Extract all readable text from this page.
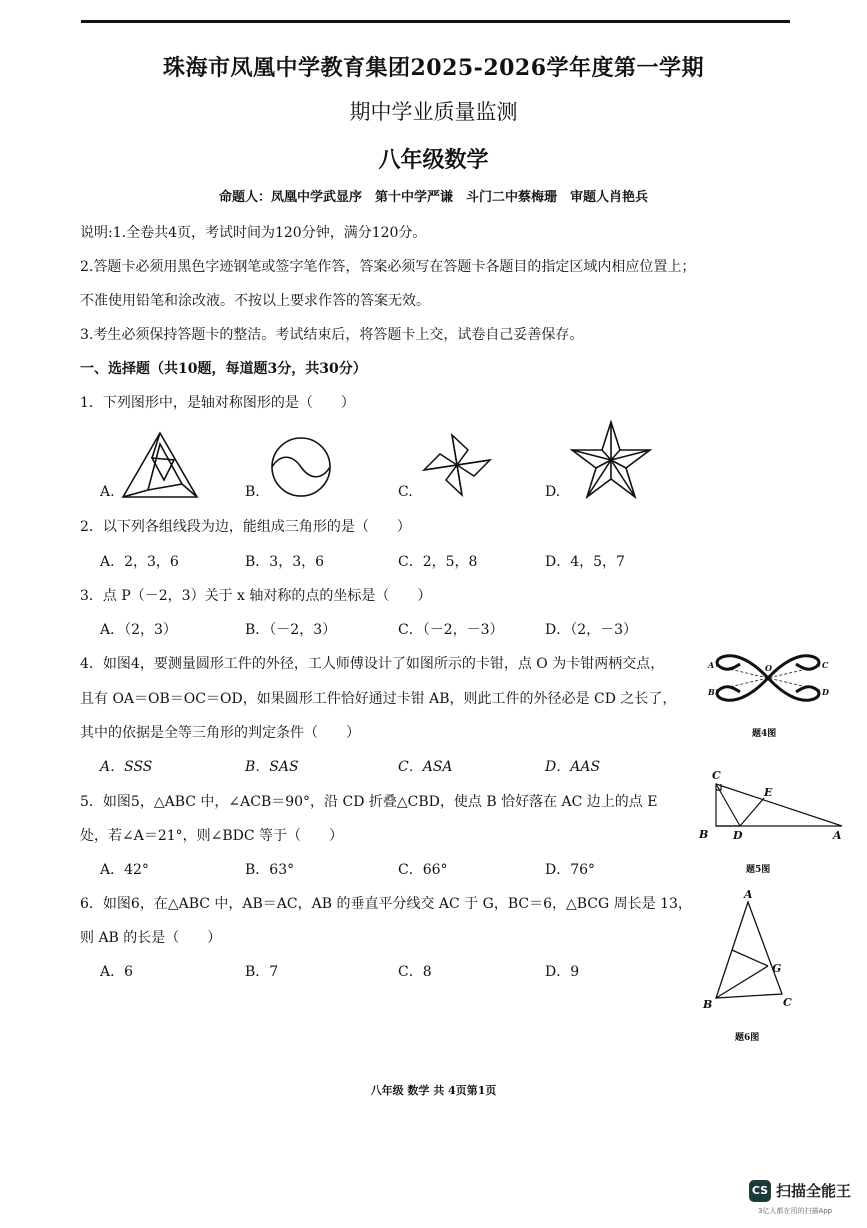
珠海市凤凰中学教育集团2025-2026学年度第一学期
期中学业质量监测
八年级数学
命题人：凤凰中学武显序　第十中学严谦　斗门二中蔡梅珊　审题人肖艳兵
说明:1.全卷共4页，考试时间为120分钟，满分120分。
2.答题卡必须用黑色字迹钢笔或签字笔作答，答案必须写在答题卡各题目的指定区域内相应位置上；
不准使用铅笔和涂改液。不按以上要求作答的答案无效。
3.考生必须保持答题卡的整洁。考试结束后，将答题卡上交，试卷自己妥善保存。
一、选择题（共10题，每道题3分，共30分）
1．下列图形中，是轴对称图形的是（　　）
A.	B.	C.	D.
2．以下列各组线段为边，能组成三角形的是（　　）
A．2，3，6	B．3，3，6	C．2，5，8	D．4，5，7
3．点 P（－2，3）关于 x 轴对称的点的坐标是（　　）
A．（2，3）	B．（－2，3）	C．（－2，－3）	D．（2，－3）
4．如图4，要测量圆形工件的外径，工人师傅设计了如图所示的卡钳，点 O 为卡钳两柄交点，
且有 OA＝OB＝OC＝OD，如果圆形工件恰好通过卡钳 AB，则此工件的外径必是 CD 之长了，
其中的依据是全等三角形的判定条件（　　）
A．SSS	B．SAS	C．ASA	D．AAS
A
B
O	C
D
题4图
5．如图5，△ABC 中，∠ACB＝90°，沿 CD 折叠△CBD，使点 B 恰好落在 AC 边上的点 E
处，若∠A＝21°，则∠BDC 等于（　　）
A．42°	B．63°	C．66°	D．76°
C
B D
E
A
题5图
6．如图6，在△ABC 中，AB＝AC，AB 的垂直平分线交 AC 于 G，BC＝6，△BCG 周长是 13，
则 AB 的长是（　　）
A．6	B．7	C．8	D．9
A
G
B	C
题6图
八年级 数学 共 4页第1页
CS 扫描全能王
3亿人都在用的扫描App
